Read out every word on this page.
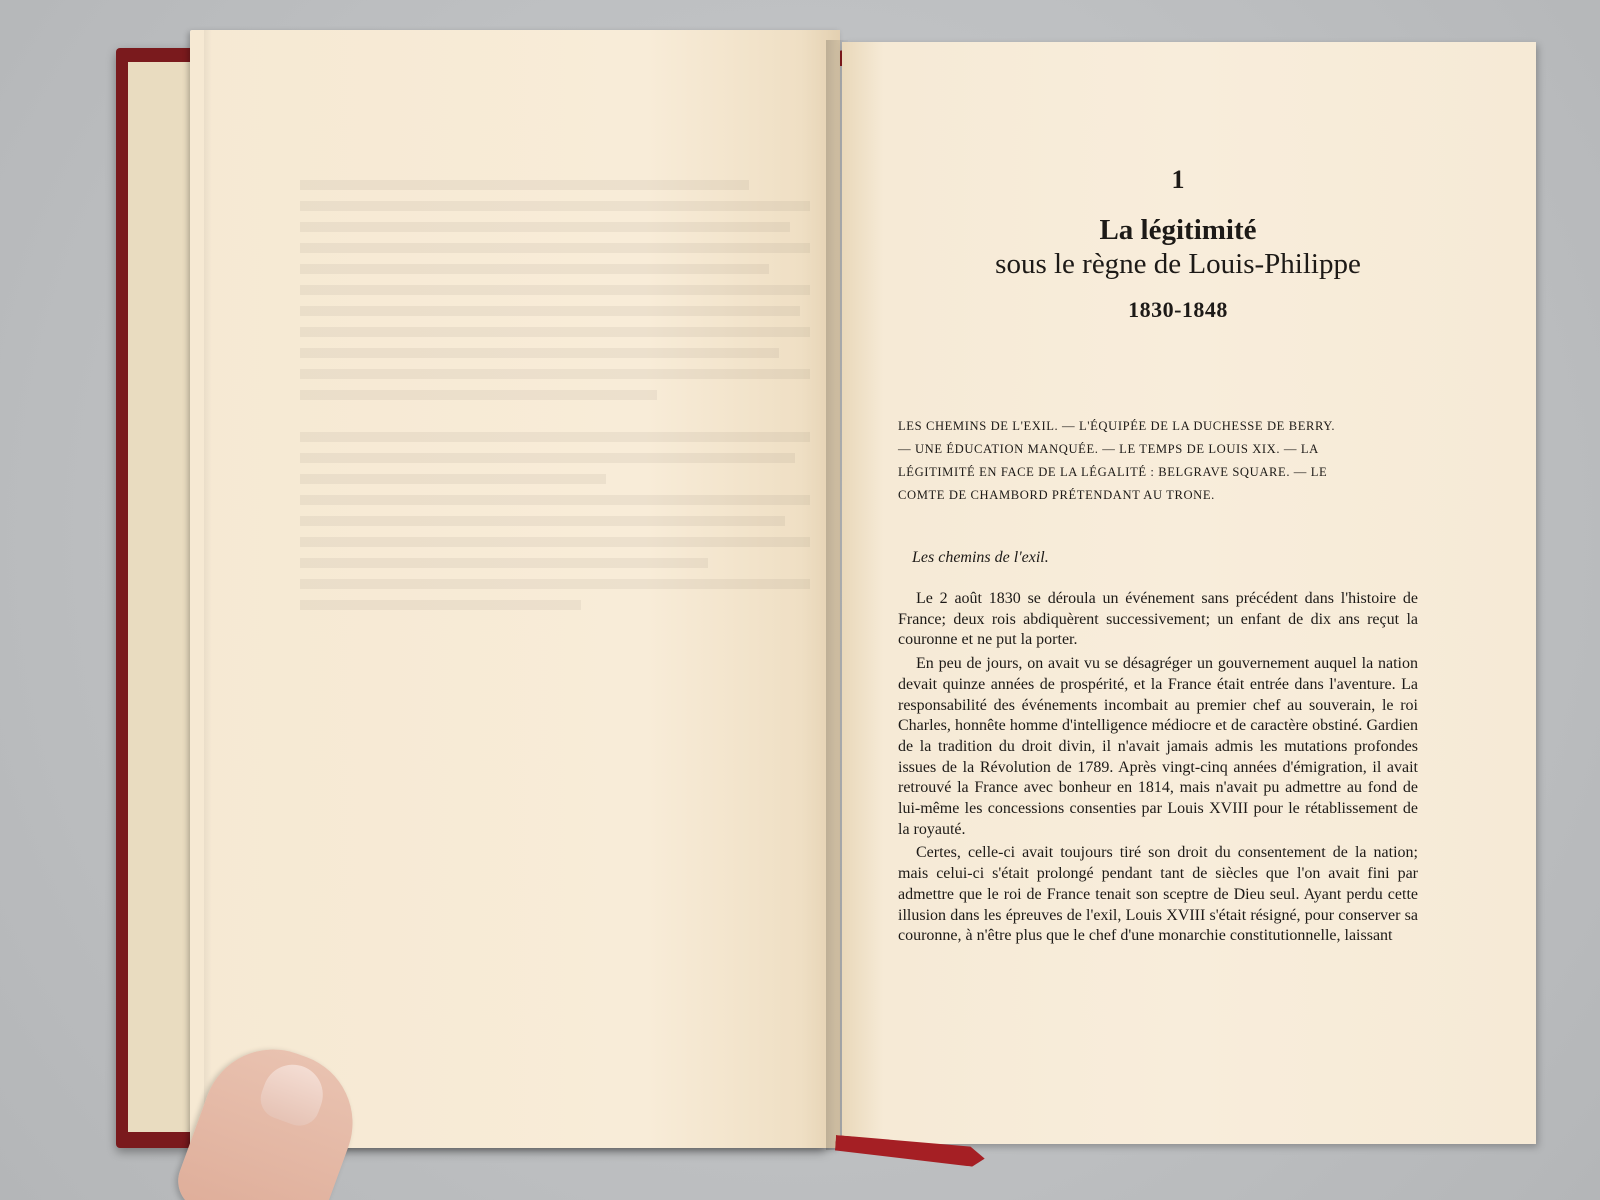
1
La légitimité
sous le règne de Louis-Philippe
1830-1848
LES CHEMINS DE L'EXIL. — L'ÉQUIPÉE DE LA DUCHESSE DE BERRY.
— UNE ÉDUCATION MANQUÉE. — LE TEMPS DE LOUIS XIX. — LA
LÉGITIMITÉ EN FACE DE LA LÉGALITÉ : BELGRAVE SQUARE. — LE
COMTE DE CHAMBORD PRÉTENDANT AU TRONE.
Les chemins de l'exil.

Le 2 août 1830 se déroula un événement sans précédent dans l'histoire de France; deux rois abdiquèrent successivement; un enfant de dix ans reçut la couronne et ne put la porter.

En peu de jours, on avait vu se désagréger un gouvernement auquel la nation devait quinze années de prospérité, et la France était entrée dans l'aventure. La responsabilité des événements incombait au premier chef au souverain, le roi Charles, honnête homme d'intelligence médiocre et de caractère obstiné. Gardien de la tradition du droit divin, il n'avait jamais admis les mutations profondes issues de la Révolution de 1789. Après vingt-cinq années d'émigration, il avait retrouvé la France avec bonheur en 1814, mais n'avait pu admettre au fond de lui-même les concessions consenties par Louis XVIII pour le rétablissement de la royauté.

Certes, celle-ci avait toujours tiré son droit du consentement de la nation; mais celui-ci s'était prolongé pendant tant de siècles que l'on avait fini par admettre que le roi de France tenait son sceptre de Dieu seul. Ayant perdu cette illusion dans les épreuves de l'exil, Louis XVIII s'était résigné, pour conserver sa couronne, à n'être plus que le chef d'une monarchie constitutionnelle, laissant
